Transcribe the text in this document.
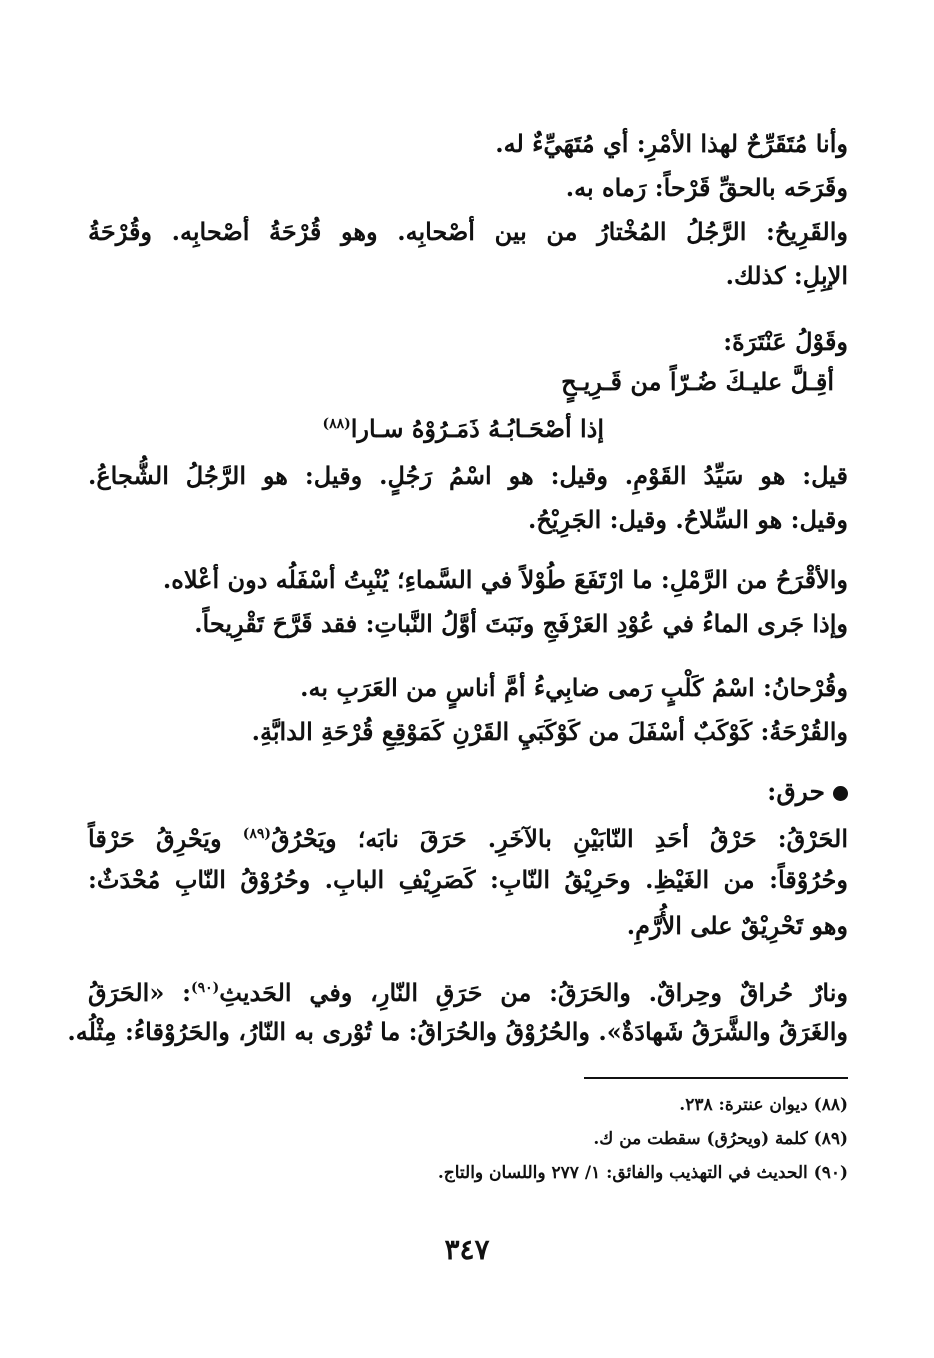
وأنا مُتَقَرِّحٌ لهذا الأمْرِ: أي مُتَهَيِّءٌ له.
وقَرَحَه بالحقِّ قَرْحاً: رَماه به.
والقَرِيحُ: الرَّجُلُ المُخْتارُ من بين أصْحابِه. وهو قُرْحَةُ أصْحابِه. وقُرْحَةُ
الإبِلِ: كذلك.
وقَوْلُ عَنْتَرَةَ:
أقِـلَّ عليـكَ ضُـرّاً من قَـرِيـحٍ
إذا أصْحَـابُـهُ ذَمَـرُوْهُ سـارا$^{(٨٨)}$
قيل: هو سَيِّدُ القَوْمِ. وقيل: هو اسْمُ رَجُلٍ. وقيل: هو الرَّجُلُ الشُّجاعُ.
وقيل: هو السِّلاحُ. وقيل: الجَرِيْحُ.
والأقْرَحُ من الرَّمْلِ: ما ارْتَفَعَ طُوْلاً في السَّماءِ؛ يُنْبِتُ أسْفَلُه دون أعْلاه.
وإذا جَرى الماءُ في عُوْدِ العَرْفَجِ ونَبَتَ أوَّلُ النَّباتِ: فقد قَرَّحَ تَقْرِيحاً.
وقُرْحانُ: اسْمُ كَلْبٍ رَمى ضابِيءُ أمَّ أناسٍ من العَرَبِ به.
والقُرْحَةُ: كَوْكَبٌ أسْفَلَ من كَوْكَبَيِ القَرْنِ كَمَوْقِعِ قُرْحَةِ الدابَّةِ.
حرق:
الحَرْقُ: حَرْقُ أحَدِ النّابَيْنِ بالآخَرِ. حَرَقَ نابَه؛ ويَحْرُقُ$^{(٨٩)}$ ويَحْرِقُ حَرْقاً
وحُرُوْقاً: من الغَيْظِ. وحَرِيْقُ النّابِ: كَصَرِيْفِ البابِ. وحُرُوْقُ النّابِ مُحْدَثٌ:
وهو تَحْرِيْقٌ على الأُرَّمِ.
ونارٌ حُراقٌ وحِراقٌ. والحَرَقُ: من حَرَقِ النّارِ، وفي الحَديثِ$^{(٩٠)}$: «الحَرَقُ
والغَرَقُ والشَّرَقُ شَهادَةٌ». والحُرُوْقُ والحُرَاقُ: ما تُوْرى به النّارُ، والحَرُوْقاءُ: مِثْلُه.
(٨٨) ديوان عنترة: ٢٣٨.
(٨٩) كلمة (ويحرُق) سقطت من ك.
(٩٠) الحديث في التهذيب والفائق: ١/ ٢٧٧ واللسان والتاج.
٣٤٧
